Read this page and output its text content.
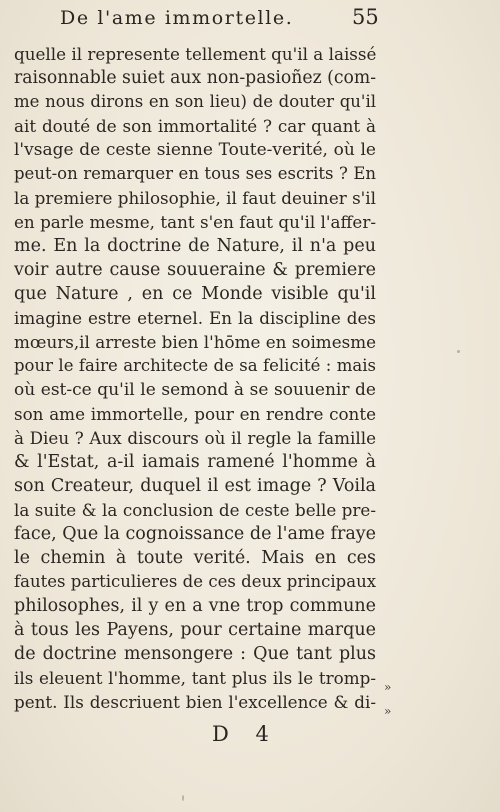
De l'ame immortelle.	55
quelle il represente tellement qu'il a laissé
raisonnable suiet aux non-pasioñez (com-
me nous dirons en son lieu) de douter qu'il
ait douté de son immortalité ? car quant à
l'vsage de ceste sienne Toute-verité, où le
peut-on remarquer en tous ses escrits ? En
la premiere philosophie, il faut deuiner s'il
en parle mesme, tant s'en faut qu'il l'affer-
me. En la doctrine de Nature, il n'a peu
voir autre cause souueraine & premiere
que Nature , en ce Monde visible qu'il
imagine estre eternel. En la discipline des
mœurs,il arreste bien l'hōme en soimesme
pour le faire architecte de sa felicité : mais
où est-ce qu'il le semond à se souuenir de
son ame immortelle, pour en rendre conte
à Dieu ? Aux discours où il regle la famille
& l'Estat, a-il iamais ramené l'homme à
son Createur, duquel il est image ? Voila
la suite & la conclusion de ceste belle pre-
face, Que la cognoissance de l'ame fraye
le chemin à toute verité. Mais en ces
fautes particulieres de ces deux principaux
philosophes, il y en a vne trop commune
à tous les Payens, pour certaine marque
de doctrine mensongere : Que tant plus
ils eleuent l'homme, tant plus ils le tromp-
pent. Ils descriuent bien l'excellence & di-
»
»
D 4
